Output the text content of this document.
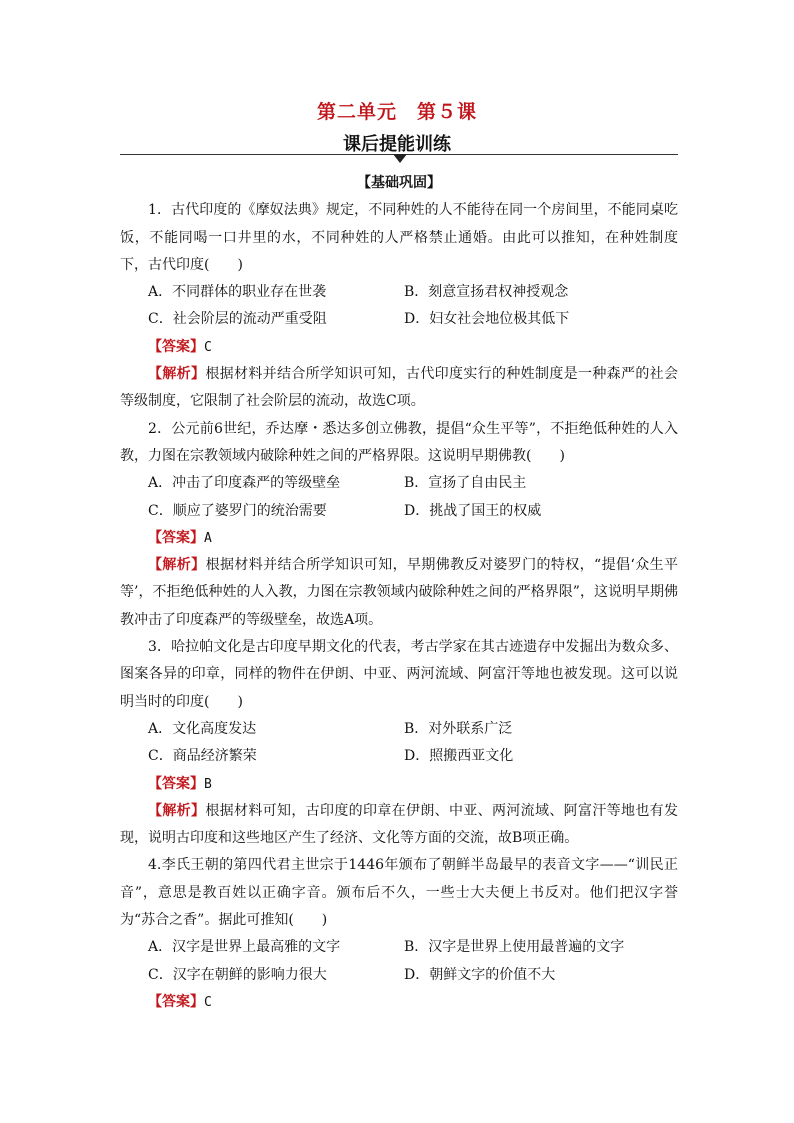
第二单元　第５课
课后提能训练
【基础巩固】

1．古代印度的《摩奴法典》规定，不同种姓的人不能待在同一个房间里，不能同桌吃饭，不能同喝一口井里的水，不同种姓的人严格禁止通婚。由此可以推知，在种姓制度下，古代印度(　　)

A．不同群体的职业存在世袭	B．刻意宣扬君权神授观念
C．社会阶层的流动严重受阻	D．妇女社会地位极其低下
【答案】C

【解析】根据材料并结合所学知识可知，古代印度实行的种姓制度是一种森严的社会等级制度，它限制了社会阶层的流动，故选C项。

2．公元前6世纪，乔达摩・悉达多创立佛教，提倡“众生平等”，不拒绝低种姓的人入教，力图在宗教领域内破除种姓之间的严格界限。这说明早期佛教(　　)

A．冲击了印度森严的等级壁垒	B．宣扬了自由民主
C．顺应了婆罗门的统治需要	D．挑战了国王的权威
【答案】A

【解析】根据材料并结合所学知识可知，早期佛教反对婆罗门的特权，“提倡‘众生平等’，不拒绝低种姓的人入教，力图在宗教领域内破除种姓之间的严格界限”，这说明早期佛教冲击了印度森严的等级壁垒，故选A项。

3．哈拉帕文化是古印度早期文化的代表，考古学家在其古迹遗存中发掘出为数众多、图案各异的印章，同样的物件在伊朗、中亚、两河流域、阿富汗等地也被发现。这可以说明当时的印度(　　)

A．文化高度发达	B．对外联系广泛
C．商品经济繁荣	D．照搬西亚文化
【答案】B

【解析】根据材料可知，古印度的印章在伊朗、中亚、两河流域、阿富汗等地也有发现，说明古印度和这些地区产生了经济、文化等方面的交流，故B项正确。

4.李氏王朝的第四代君主世宗于1446年颁布了朝鲜半岛最早的表音文字——“训民正音”，意思是教百姓以正确字音。颁布后不久，一些士大夫便上书反对。他们把汉字誉为“苏合之香”。据此可推知(　　)

A．汉字是世界上最高雅的文字	B．汉字是世界上使用最普遍的文字
C．汉字在朝鲜的影响力很大	D．朝鲜文字的价值不大
【答案】C
